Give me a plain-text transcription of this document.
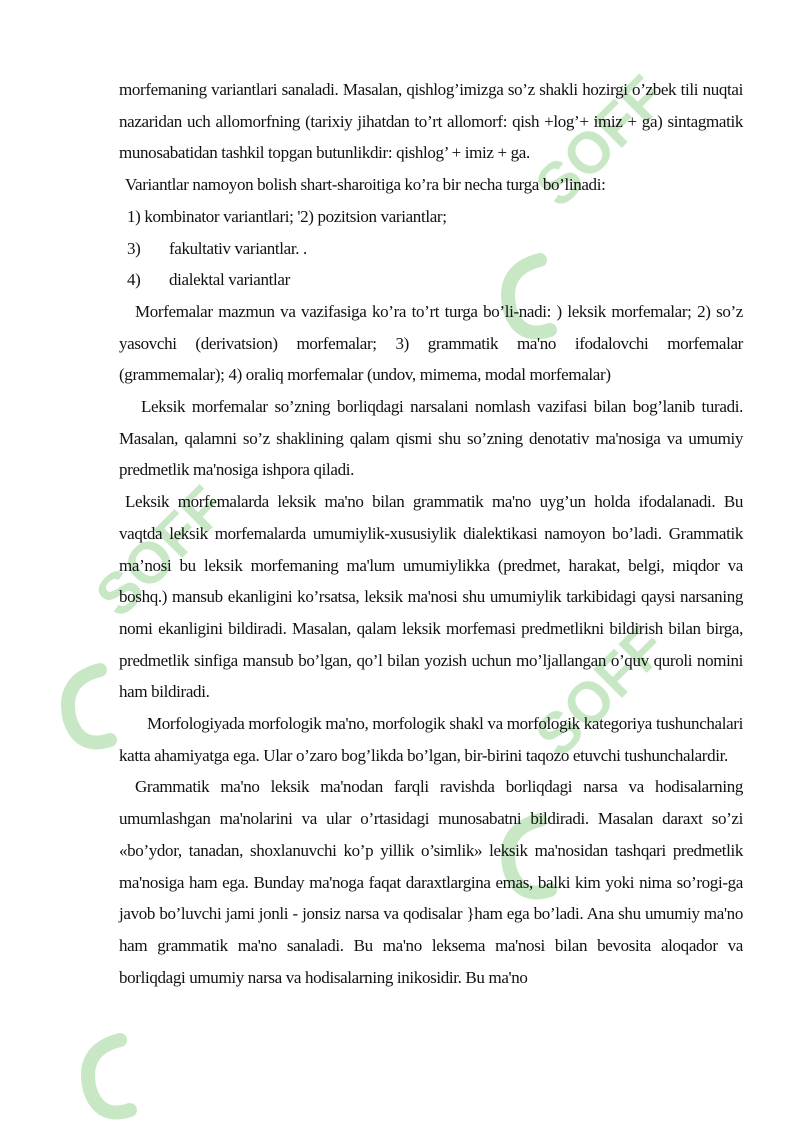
SOFF
SOFF
SOFF

morfemaning variantlari sanaladi. Masalan, qishlog’imizga so’z shakli hozirgi o’zbek tili nuqtai nazaridan uch allomorfning (tarixiy jihatdan to’rt allomorf: qish +log’+ imiz + ga) sintagmatik munosabatidan tashkil topgan butunlikdir: qishlog’ + imiz + ga.

Variantlar namoyon bolish shart-sharoitiga ko’ra bir necha turga bo’linadi:

1) kombinator variantlari; '2) pozitsion variantlar;

3)	fakultativ variantlar. .
4)	dialektal variantlar

Morfemalar mazmun va vazifasiga ko’ra to’rt turga bo’li-nadi: ) leksik morfemalar; 2) so’z yasovchi (derivatsion) morfemalar; 3) grammatik ma'no ifodalovchi morfemalar (grammemalar); 4) oraliq morfemalar (undov, mimema, modal morfemalar)

Leksik morfemalar so’zning borliqdagi narsalani nomlash vazifasi bilan bog’lanib turadi. Masalan, qalamni so’z shaklining qalam qismi shu so’zning denotativ ma'nosiga va umumiy predmetlik ma'nosiga ishpora qiladi.

Leksik morfemalarda leksik ma'no bilan grammatik ma'no uyg’un holda ifodalanadi. Bu vaqtda leksik morfemalarda umumiylik-xususiylik dialektikasi namoyon bo’ladi. Grammatik ma’nosi bu leksik morfemaning ma'lum umumiylikka (predmet, harakat, belgi, miqdor va boshq.) mansub ekanligini ko’rsatsa, leksik ma'nosi shu umumiylik tarkibidagi qaysi narsaning nomi ekanligini bildiradi. Masalan, qalam leksik morfemasi predmetlikni bildirish bilan birga, predmetlik sinfiga mansub bo’lgan, qo’l bilan yozish uchun mo’ljallangan o’quv quroli nomini ham bildiradi.

Morfologiyada morfologik ma'no, morfologik shakl va morfologik kategoriya tushunchalari katta ahamiyatga ega. Ular o’zaro bog’likda bo’lgan, bir-birini taqozo etuvchi tushunchalardir.

Grammatik ma'no leksik ma'nodan farqli ravishda borliqdagi narsa va hodisalarning umumlashgan ma'nolarini va ular o’rtasidagi munosabatni bildiradi. Masalan daraxt so’zi «bo’ydor, tanadan, shoxlanuvchi ko’p yillik o’simlik» leksik ma'nosidan tashqari predmetlik ma'nosiga ham ega. Bunday ma'noga faqat daraxtlargina emas, balki kim yoki nima so’rogi-ga javob bo’luvchi jami jonli - jonsiz narsa va qodisalar }ham ega bo’ladi. Ana shu umumiy ma'no ham grammatik ma'no sanaladi. Bu ma'no leksema ma'nosi bilan bevosita aloqador va borliqdagi umumiy narsa va hodisalarning inikosidir. Bu ma'no
